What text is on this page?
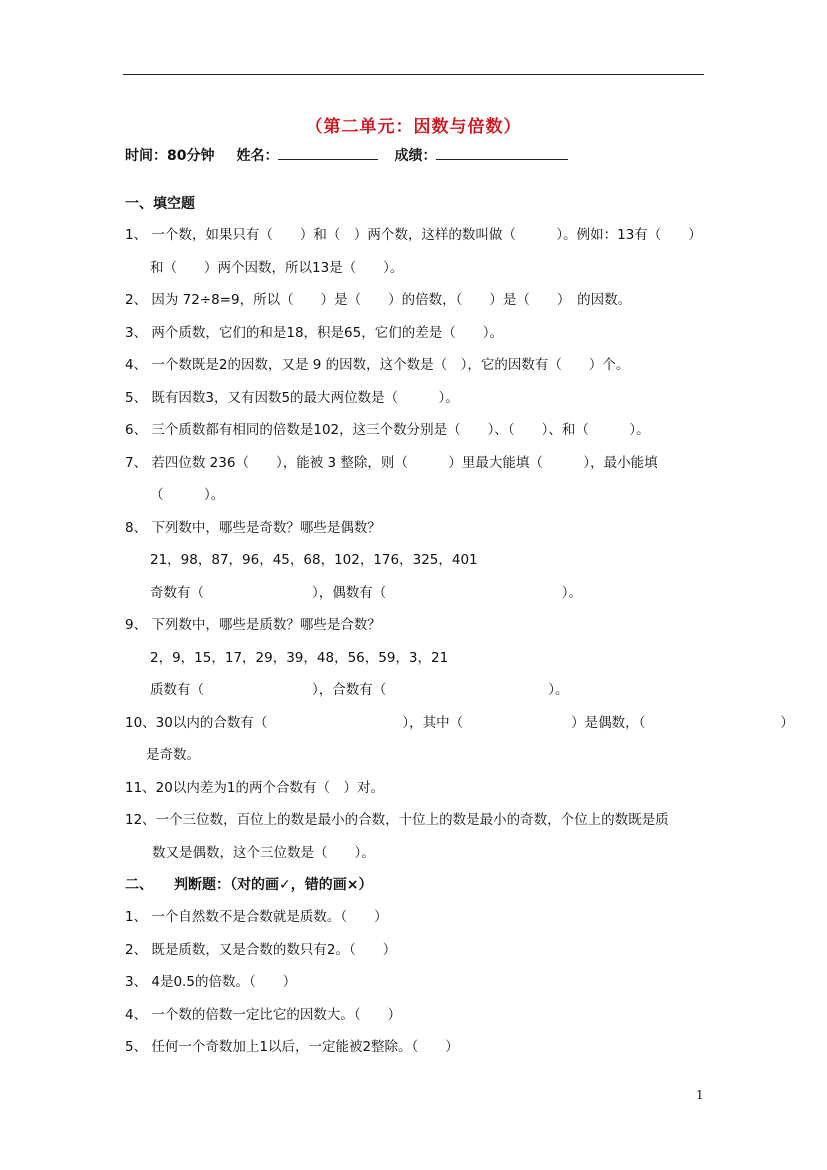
（第二单元：因数与倍数）
时间：80分钟 姓名：	成绩：
一、填空题
1、 一个数，如果只有（　　）和（　）两个数，这样的数叫做（　　　）。例如：13有（　　）
和（　　）两个因数，所以13是（　　）。
2、 因为 72÷8=9，所以（　　）是（　　）的倍数，（　　）是（　　）　的因数。
3、 两个质数，它们的和是18，积是65，它们的差是（　　）。
4、 一个数既是2的因数，又是 9 的因数，这个数是（　），它的因数有（　　）个。
5、 既有因数3，又有因数5的最大两位数是（　　　）。
6、 三个质数都有相同的倍数是102，这三个数分别是（　　）、（　　）、和（　　　）。
7、 若四位数 236（　　），能被 3 整除，则（　　　）里最大能填（　　　），最小能填
（　　　）。
8、 下列数中，哪些是奇数？哪些是偶数？
21，98，87，96，45，68，102，176，325，401
奇数有（　　　　　　　　），偶数有（　　　　　　　　　　　　　）。
9、 下列数中，哪些是质数？哪些是合数？
2，9，15，17，29，39，48，56，59，3，21
质数有（　　　　　　　　），合数有（　　　　　　　　　　　　）。
10、30以内的合数有（　　　　　　　　　　），其中（　　　　　　　　）是偶数，（　　　　　　　　　　）
是奇数。
11、20以内差为1的两个合数有（　）对。
12、一个三位数，百位上的数是最小的合数，十位上的数是最小的奇数，个位上的数既是质
数又是偶数，这个三位数是（　　）。
二、　　判断题：（对的画✓，错的画×）
1、 一个自然数不是合数就是质数。（　　）
2、 既是质数，又是合数的数只有2。（　　）
3、 4是0.5的倍数。（　　）
4、 一个数的倍数一定比它的因数大。（　　）
5、 任何一个奇数加上1以后，一定能被2整除。（　　）
1
